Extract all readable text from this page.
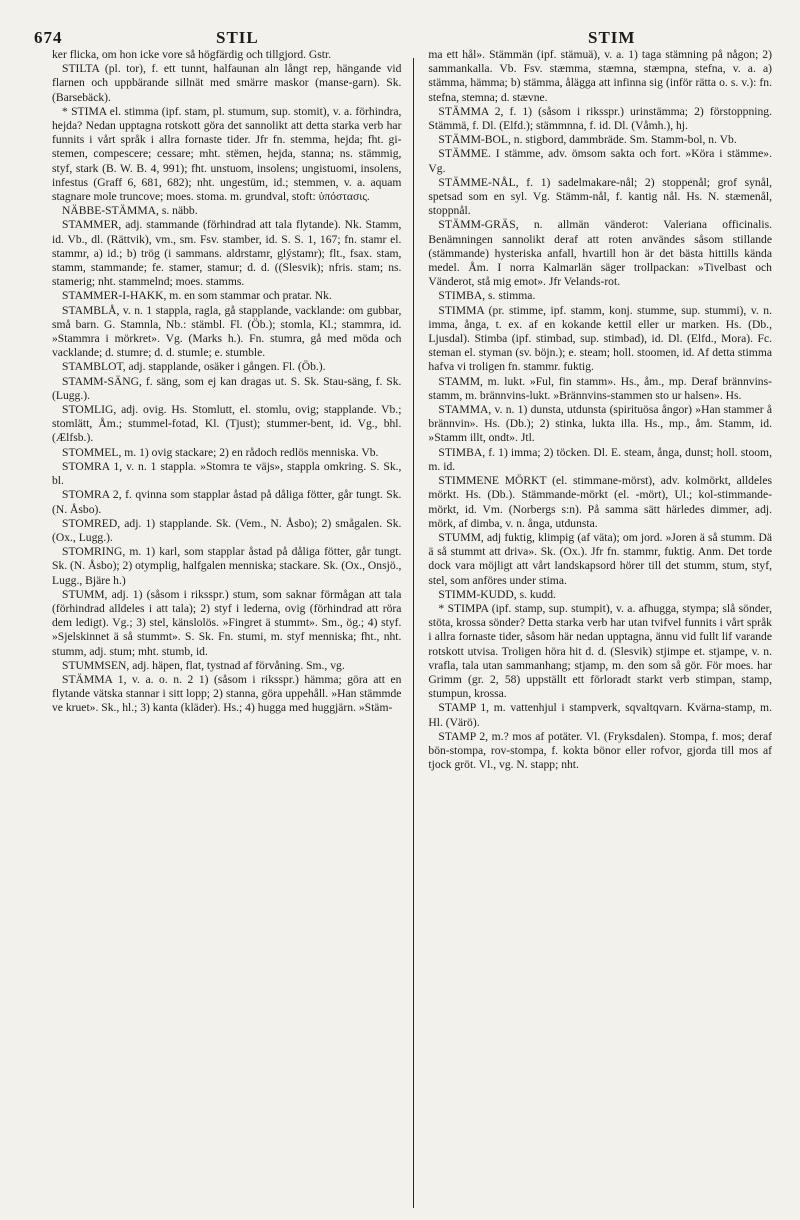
674	STIL	STIM

ker flicka, om hon icke vore så högfärdig och tillgjord. Gstr.

STILTA (pl. tor), f. ett tunnt, halfaunan aln långt rep, hängande vid flarnen och uppbärande sillnät med smärre maskor (manse-garn). Sk. (Barsebäck).

* STIMA el. stimma (ipf. stam, pl. stumum, sup. stomit), v. a. förhindra, hejda? Nedan upptagna rotskott göra det sannolikt att detta starka verb har funnits i vårt språk i allra fornaste tider. Jfr fn. stemma, hejda; fht. gi-stemen, compescere; cessare; mht. stëmen, hejda, stanna; ns. stämmig, styf, stark (B. W. B. 4, 991); fht. unstuom, insolens; ungistuomi, insolens, infestus (Graff 6, 681, 682); nht. ungestüm, id.; stemmen, v. a. aquam stagnare mole truncove; moes. stoma. m. grundval, stoft: ὑπόστασις.

NÄBBE-STÄMMA, s. näbb.

STAMMER, adj. stammande (förhindrad att tala flytande). Nk. Stamm, id. Vb., dl. (Rättvik), vm., sm. Fsv. stamber, id. S. S. 1, 167; fn. stamr el. stammr, a) id.; b) trög (i sammans. aldrstamr, glýstamr); flt., fsax. stam, stamm, stammande; fe. stamer, stamur; d. d. ((Slesvik); nfris. stam; ns. stamerig; nht. stammelnd; moes. stamms.

STAMMER-I-HAKK, m. en som stammar och pratar. Nk.

STAMBLÅ, v. n. 1 stappla, ragla, gå stapplande, vacklande: om gubbar, små barn. G. Stamnla, Nb.: stämbl. Fl. (Öb.); stomla, Kl.; stammra, id. »Stammra i mörkret». Vg. (Marks h.). Fn. stumra, gå med möda och vacklande; d. stumre; d. d. stumle; e. stumble.

STAMBLOT, adj. stapplande, osäker i gången. Fl. (Öb.).

STAMM-SÄNG, f. säng, som ej kan dragas ut. S. Sk. Stau-säng, f. Sk. (Lugg.).

STOMLIG, adj. ovig. Hs. Stomlutt, el. stomlu, ovig; stapplande. Vb.; stomlätt, Åm.; stummel-fotad, Kl. (Tjust); stummer-bent, id. Vg., bhl. (Ælfsb.).

STOMMEL, m. 1) ovig stackare; 2) en rådoch redlös menniska. Vb.

STOMRA 1, v. n. 1 stappla. »Stomra te väjs», stappla omkring. S. Sk., bl.

STOMRA 2, f. qvinna som stapplar åstad på dåliga fötter, går tungt. Sk. (N. Åsbo).

STOMRED, adj. 1) stapplande. Sk. (Vem., N. Åsbo); 2) smågalen. Sk. (Ox., Lugg.).

STOMRING, m. 1) karl, som stapplar åstad på dåliga fötter, går tungt. Sk. (N. Åsbo); 2) otymplig, halfgalen menniska; stackare. Sk. (Ox., Onsjö., Lugg., Bjäre h.)

STUMM, adj. 1) (såsom i riksspr.) stum, som saknar förmågan att tala (förhindrad alldeles i att tala); 2) styf i lederna, ovig (förhindrad att röra dem ledigt). Vg.; 3) stel, känslolös. »Fingret ä stummt». Sm., ög.; 4) styf. »Sjelskinnet ä så stummt». S. Sk. Fn. stumi, m. styf menniska; fht., nht. stumm, adj. stum; mht. stumb, id.

STUMMSEN, adj. häpen, flat, tystnad af förvåning. Sm., vg.

STÄMMA 1, v. a. o. n. 2 1) (såsom i riksspr.) hämma; göra att en flytande vätska stannar i sitt lopp; 2) stanna, göra uppehåll. »Han stämmde ve kruet». Sk., hl.; 3) kanta (kläder). Hs.; 4) hugga med huggjärn. »Stäm-

ma ett hål». Stämmän (ipf. stämuä), v. a. 1) taga stämning på någon; 2) sammankalla. Vb. Fsv. stæmma, stæmna, stæmpna, stefna, v. a. a) stämma, hämma; b) stämma, ålägga att infinna sig (inför rätta o. s. v.): fn. stefna, stemna; d. stævne.

STÄMMA 2, f. 1) (såsom i riksspr.) urinstämma; 2) förstoppning. Stämmä, f. Dl. (Elfd.); stämmnna, f. id. Dl. (Våmh.), hj.

STÄMM-BOL, n. stigbord, dammbräde. Sm. Stamm-bol, n. Vb.

STÄMME. I stämme, adv. ömsom sakta och fort. »Köra i stämme». Vg.

STÄMME-NÅL, f. 1) sadelmakare-nål; 2) stoppenål; grof synål, spetsad som en syl. Vg. Stämm-nål, f. kantig nål. Hs. N. stæmenål, stoppnål.

STÄMM-GRÄS, n. allmän vänderot: Valeriana officinalis. Benämningen sannolikt deraf att roten användes såsom stillande (stämmande) hysteriska anfall, hvartill hon är det bästa hittills kända medel. Åm. I norra Kalmarlän säger trollpackan: »Tivelbast och Vänderot, stå mig emot». Jfr Velands-rot.

STIMBA, s. stimma.

STIMMA (pr. stimme, ipf. stamm, konj. stumme, sup. stummi), v. n. imma, ånga, t. ex. af en kokande kettil eller ur marken. Hs. (Db., Ljusdal). Stimba (ipf. stimbad, sup. stimbad), id. Dl. (Elfd., Mora). Fc. steman el. styman (sv. böjn.); e. steam; holl. stoomen, id. Af detta stimma hafva vi troligen fn. stammr. fuktig.

STAMM, m. lukt. »Ful, fin stamm». Hs., åm., mp. Deraf brännvins-stamm, m. brännvins-lukt. »Brännvins-stammen sto ur halsen». Hs.

STAMMA, v. n. 1) dunsta, utdunsta (spirituösa ångor) »Han stammer å brännvin». Hs. (Db.); 2) stinka, lukta illa. Hs., mp., åm. Stamm, id. »Stamm illt, ondt». Jtl.

STIMBA, f. 1) imma; 2) töcken. Dl. E. steam, ånga, dunst; holl. stoom, m. id.

STIMMENE MÖRKT (el. stimmane-mörst), adv. kolmörkt, alldeles mörkt. Hs. (Db.). Stämmande-mörkt (el. -mört), Ul.; kol-stimmande-mörkt, id. Vm. (Norbergs s:n). På samma sätt härledes dimmer, adj. mörk, af dimba, v. n. ånga, utdunsta.

STUMM, adj fuktig, klimpig (af väta); om jord. »Joren ä så stumm. Dä ä så stummt att driva». Sk. (Ox.). Jfr fn. stammr, fuktig. Anm. Det torde dock vara möjligt att vårt landskapsord hörer till det stumm, stum, styf, stel, som anföres under stima.

STIMM-KUDD, s. kudd.

* STIMPA (ipf. stamp, sup. stumpit), v. a. afhugga, stympa; slå sönder, stöta, krossa sönder? Detta starka verb har utan tvifvel funnits i vårt språk i allra fornaste tider, såsom här nedan upptagna, ännu vid fullt lif varande rotskott utvisa. Troligen höra hit d. d. (Slesvik) stjimpe et. stjampe, v. n. vrafla, tala utan sammanhang; stjamp, m. den som så gör. För moes. har Grimm (gr. 2, 58) uppställt ett förloradt starkt verb stimpan, stamp, stumpun, krossa.

STAMP 1, m. vattenhjul i stampverk, sqvaltqvarn. Kvärna-stamp, m. Hl. (Värö).

STAMP 2, m.? mos af potäter. Vl. (Fryksdalen). Stompa, f. mos; deraf bön-stompa, rov-stompa, f. kokta bönor eller rofvor, gjorda till mos af tjock gröt. Vl., vg. N. stapp; nht.
